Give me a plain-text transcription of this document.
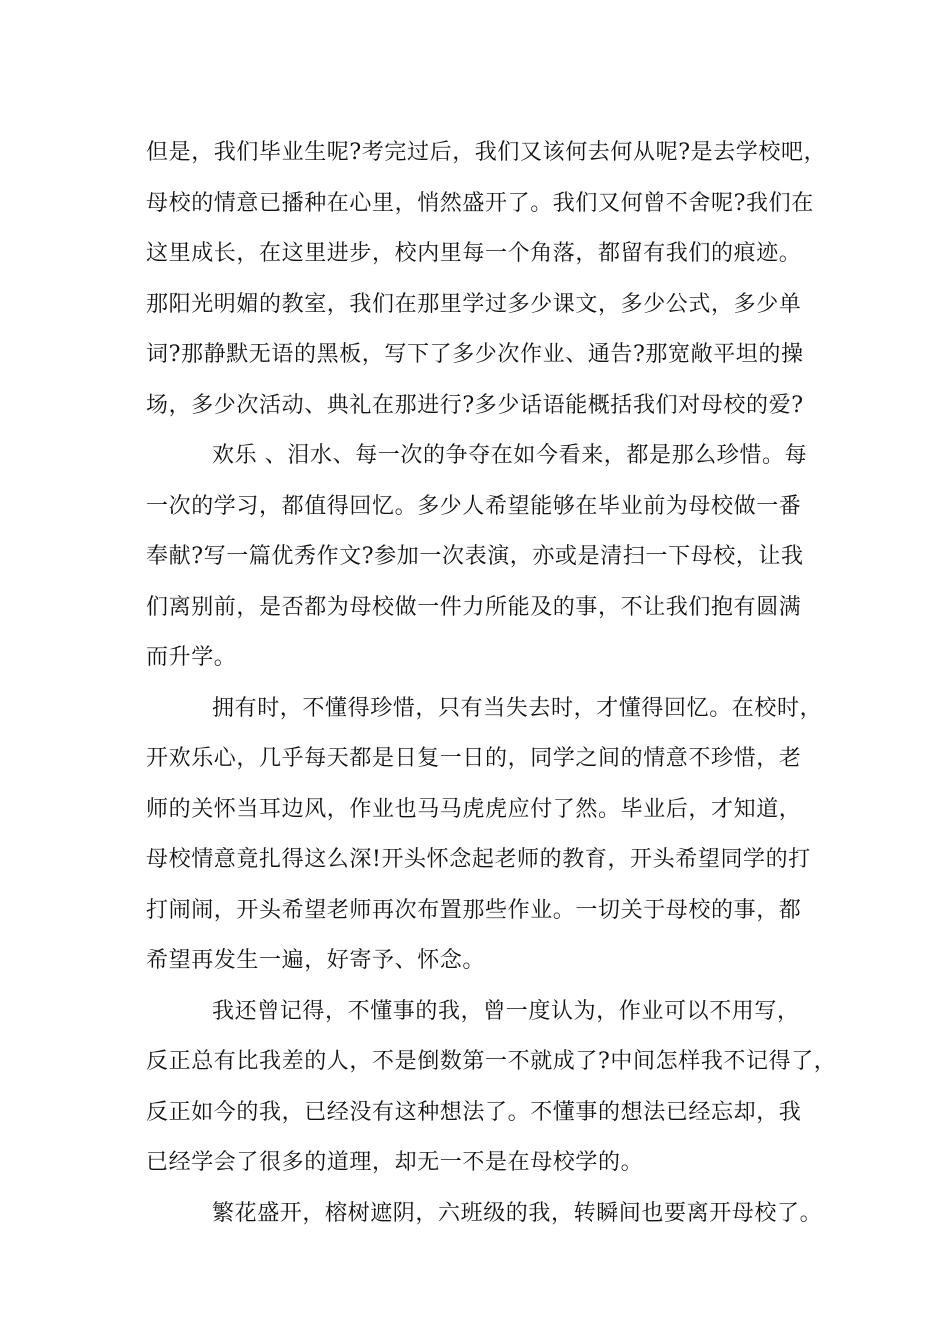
但是，我们毕业生呢?考完过后，我们又该何去何从呢?是去学校吧，
母校的情意已播种在心里，悄然盛开了。我们又何曾不舍呢?我们在
这里成长，在这里进步，校内里每一个角落，都留有我们的痕迹。
那阳光明媚的教室，我们在那里学过多少课文，多少公式，多少单
词?那静默无语的黑板，写下了多少次作业、通告?那宽敞平坦的操
场，多少次活动、典礼在那进行?多少话语能概括我们对母校的爱?
欢乐 、泪水、每一次的争夺在如今看来，都是那么珍惜。每
一次的学习，都值得回忆。多少人希望能够在毕业前为母校做一番
奉献?写一篇优秀作文?参加一次表演，亦或是清扫一下母校，让我
们离别前，是否都为母校做一件力所能及的事，不让我们抱有圆满
而升学。
拥有时，不懂得珍惜，只有当失去时，才懂得回忆。在校时，
开欢乐心，几乎每天都是日复一日的，同学之间的情意不珍惜，老
师的关怀当耳边风，作业也马马虎虎应付了然。毕业后，才知道，
母校情意竟扎得这么深!开头怀念起老师的教育，开头希望同学的打
打闹闹，开头希望老师再次布置那些作业。一切关于母校的事，都
希望再发生一遍，好寄予、怀念。
我还曾记得，不懂事的我，曾一度认为，作业可以不用写，
反正总有比我差的人，不是倒数第一不就成了?中间怎样我不记得了，
反正如今的我，已经没有这种想法了。不懂事的想法已经忘却，我
已经学会了很多的道理，却无一不是在母校学的。
繁花盛开，榕树遮阴，六班级的我，转瞬间也要离开母校了。
